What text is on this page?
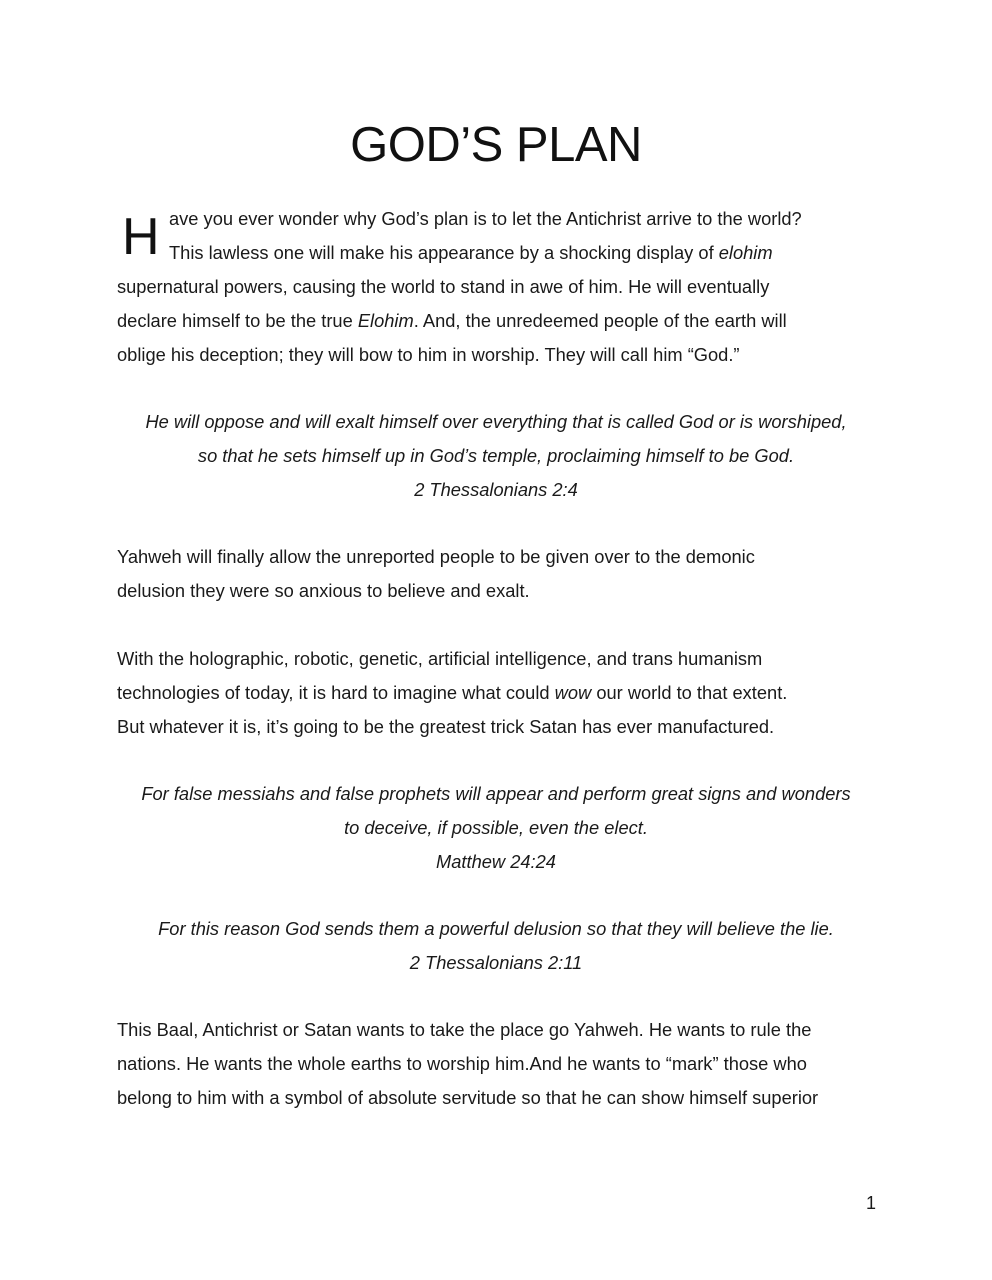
GOD’S PLAN
H ave you ever wonder why God’s plan is to let the Antichrist arrive to the world?
This lawless one will make his appearance by a shocking display of elohim
supernatural powers, causing the world to stand in awe of him. He will eventually
declare himself to be the true Elohim. And, the unredeemed people of the earth will
oblige his deception; they will bow to him in worship. They will call him “God.”

He will oppose and will exalt himself over everything that is called God or is worshiped,
so that he sets himself up in God’s temple, proclaiming himself to be God.
2 Thessalonians 2:4

Yahweh will finally allow the unreported people to be given over to the demonic
delusion they were so anxious to believe and exalt.

With the holographic, robotic, genetic, artificial intelligence, and trans humanism
technologies of today, it is hard to imagine what could wow our world to that extent.
But whatever it is, it’s going to be the greatest trick Satan has ever manufactured.

For false messiahs and false prophets will appear and perform great signs and wonders
to deceive, if possible, even the elect.
Matthew 24:24

For this reason God sends them a powerful delusion so that they will believe the lie.
2 Thessalonians 2:11

This Baal, Antichrist or Satan wants to take the place go Yahweh. He wants to rule the
nations. He wants the whole earths to worship him.And he wants to “mark” those who
belong to him with a symbol of absolute servitude so that he can show himself superior

1
